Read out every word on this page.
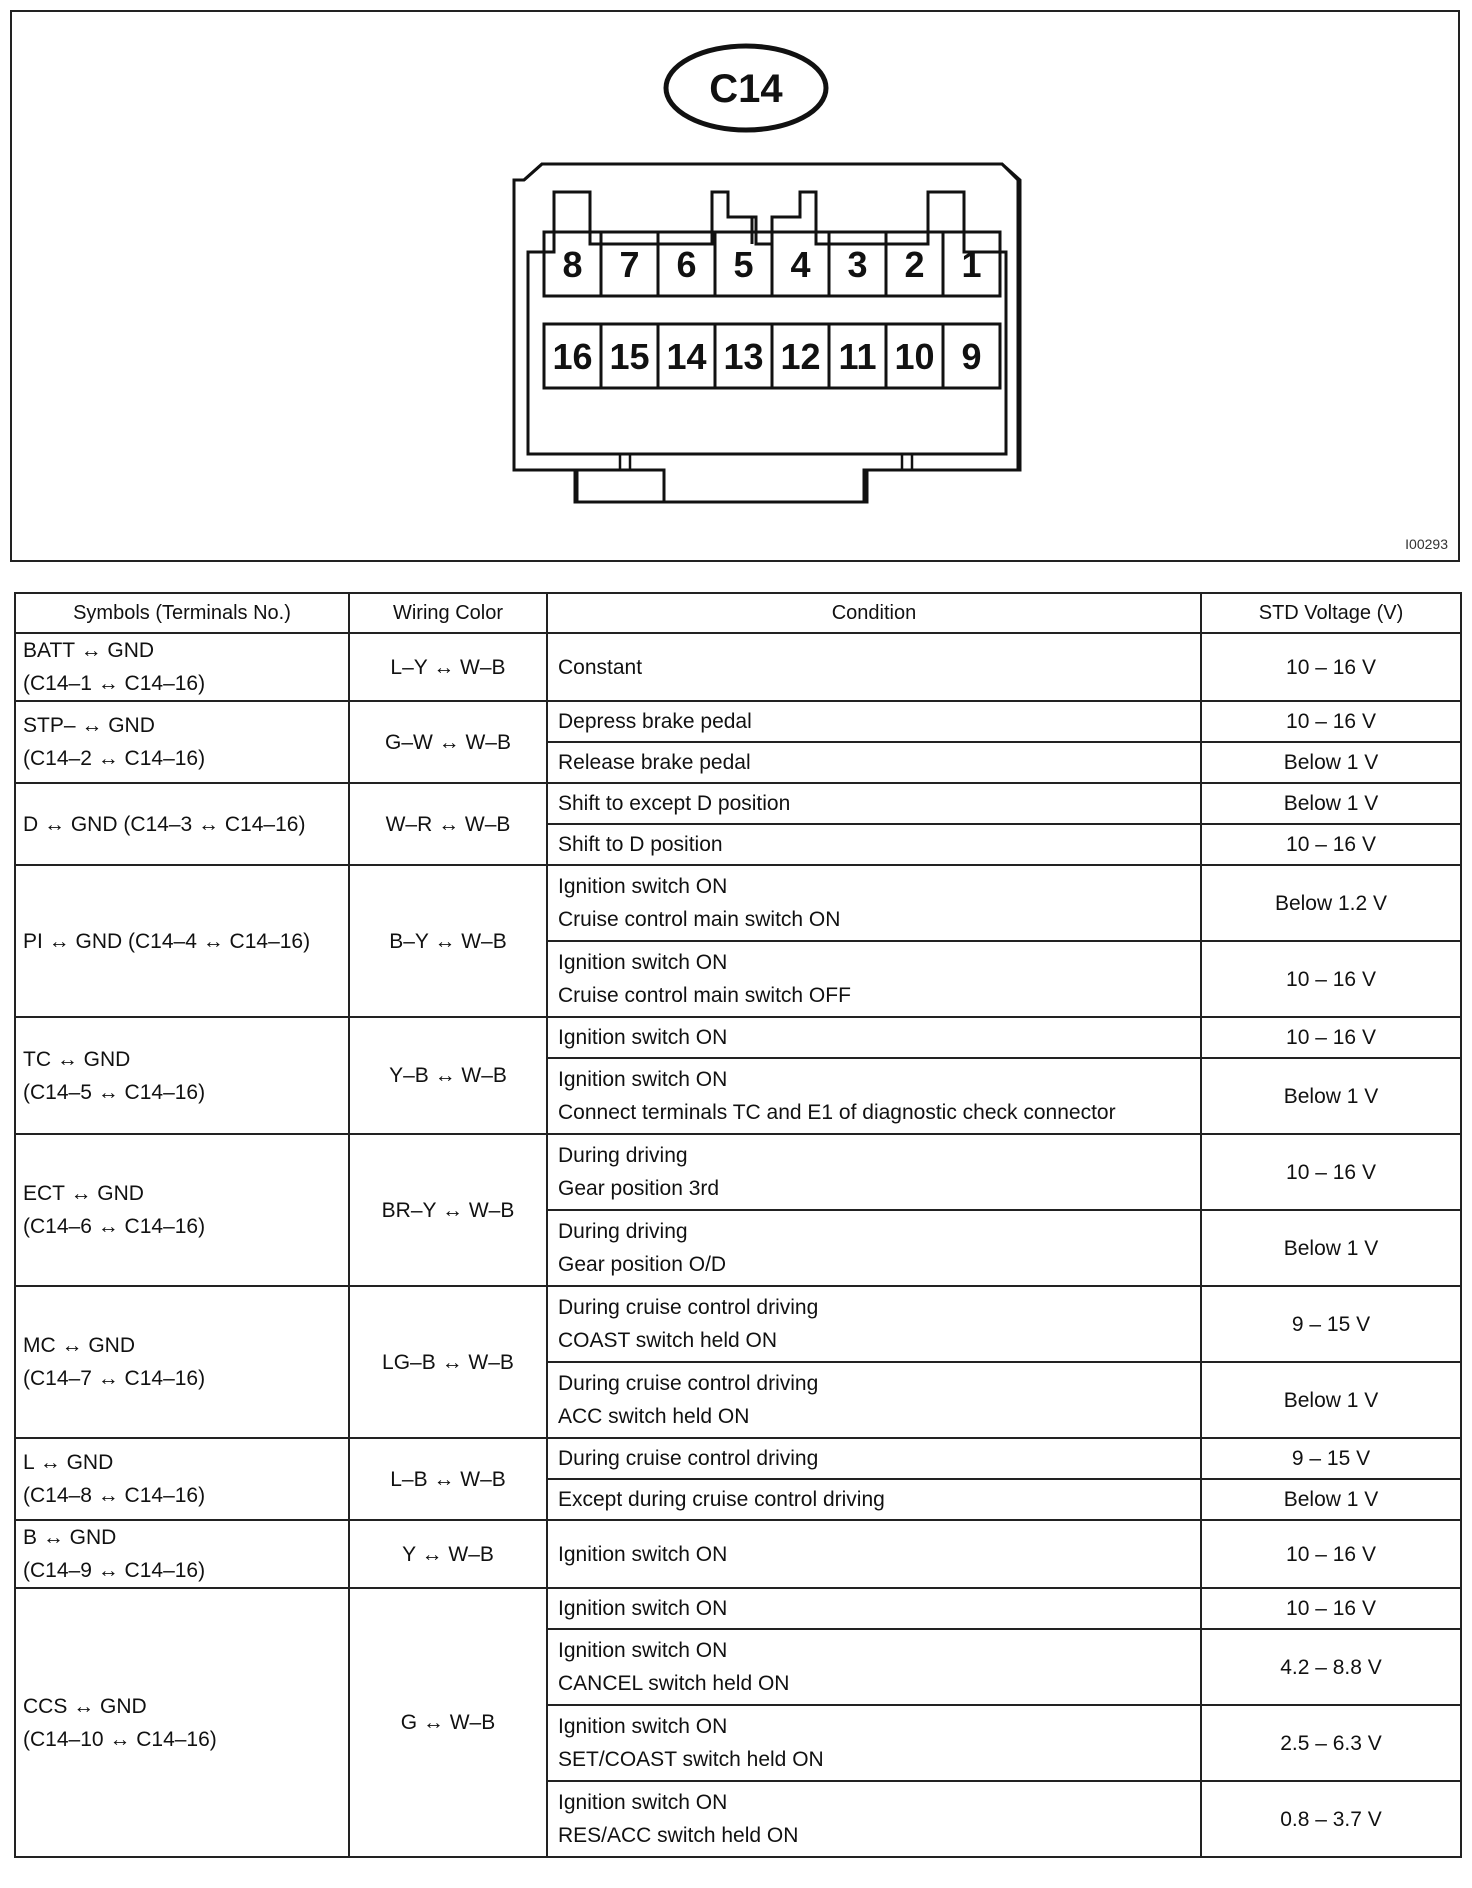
C14
8 7 6 5 4 3 2 1
16 15 14 13 12 11 10 9
I00293
Symbols (Terminals No.)	Wiring Color	Condition	STD Voltage (V)

BATT ↔ GND
(C14–1 ↔ C14–16)	L–Y ↔ W–B	Constant	10 – 16 V

STP– ↔ GND
(C14–2 ↔ C14–16)	G–W ↔ W–B	Depress brake pedal	10 – 16 V

		Release brake pedal	Below 1 V

D ↔ GND (C14–3 ↔ C14–16)	W–R ↔ W–B	Shift to except D position	Below 1 V

		Shift to D position	10 – 16 V

PI ↔ GND (C14–4 ↔ C14–16)	B–Y ↔ W–B	Ignition switch ON
Cruise control main switch ON	Below 1.2 V

		Ignition switch ON
Cruise control main switch OFF	10 – 16 V

TC ↔ GND
(C14–5 ↔ C14–16)	Y–B ↔ W–B	Ignition switch ON	10 – 16 V

		Ignition switch ON
Connect terminals TC and E1 of diagnostic check connector	Below 1 V

ECT ↔ GND
(C14–6 ↔ C14–16)	BR–Y ↔ W–B	During driving
Gear position 3rd	10 – 16 V

		During driving
Gear position O/D	Below 1 V

MC ↔ GND
(C14–7 ↔ C14–16)	LG–B ↔ W–B	During cruise control driving
COAST switch held ON	9 – 15 V

		During cruise control driving
ACC switch held ON	Below 1 V

L ↔ GND
(C14–8 ↔ C14–16)	L–B ↔ W–B	During cruise control driving	9 – 15 V

		Except during cruise control driving	Below 1 V

B ↔ GND
(C14–9 ↔ C14–16)	Y ↔ W–B	Ignition switch ON	10 – 16 V

CCS ↔ GND
(C14–10 ↔ C14–16)	G ↔ W–B	Ignition switch ON	10 – 16 V

		Ignition switch ON
CANCEL switch held ON	4.2 – 8.8 V

		Ignition switch ON
SET/COAST switch held ON	2.5 – 6.3 V

		Ignition switch ON
RES/ACC switch held ON	0.8 – 3.7 V
